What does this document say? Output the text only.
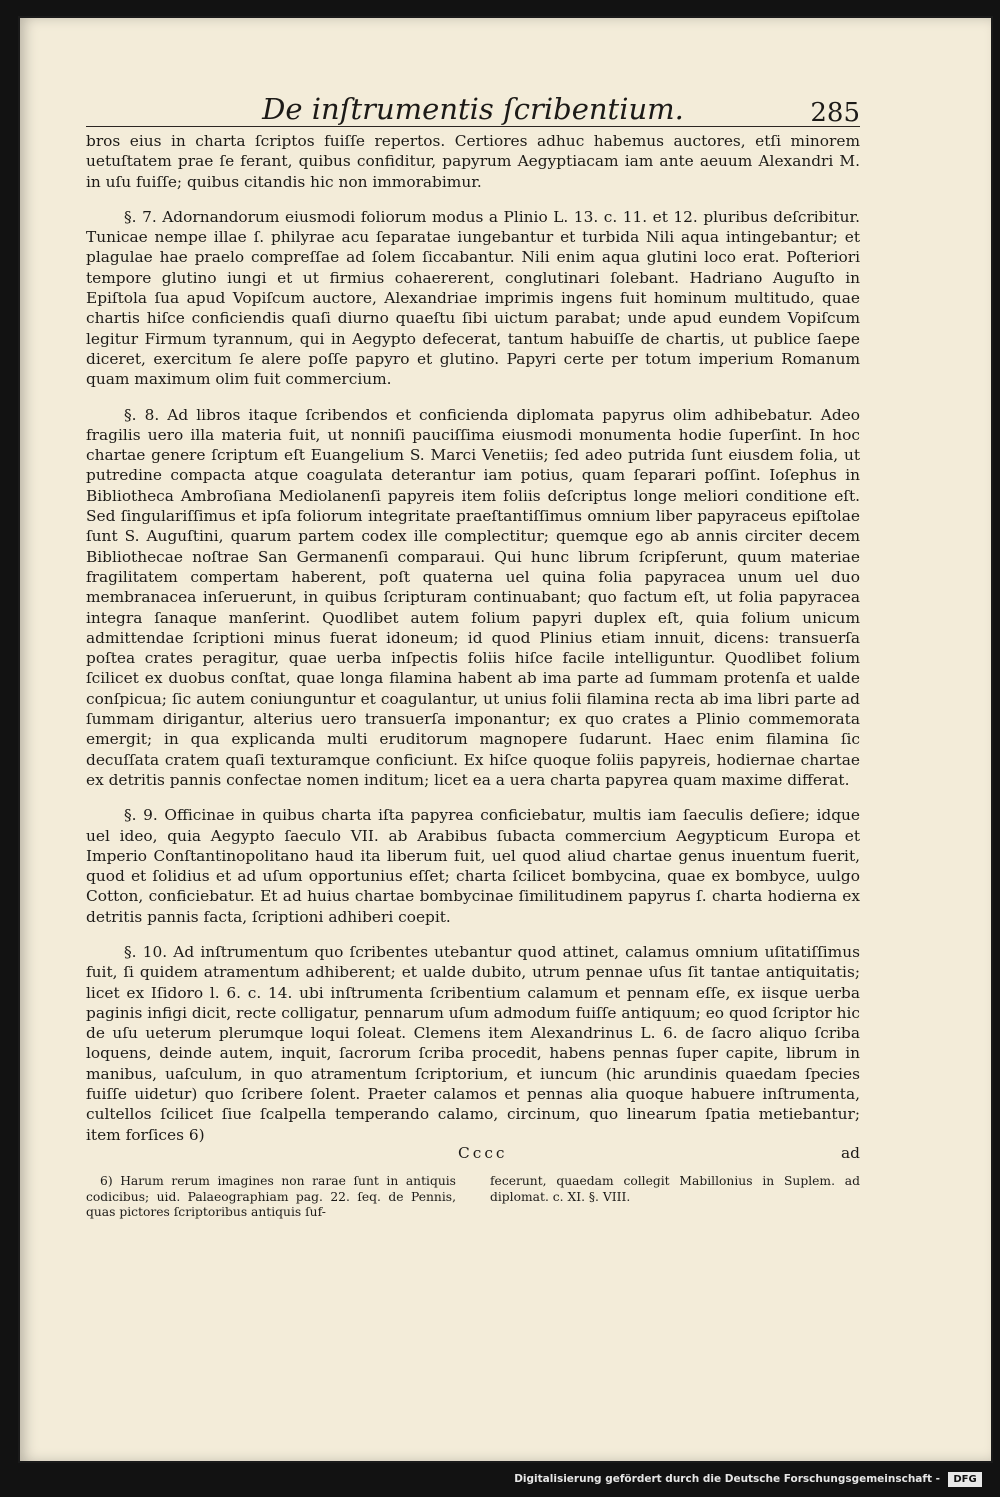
De inſtrumentis ſcribentium.	285

bros eius in charta ſcriptos fuiſſe repertos. Certiores adhuc habemus auctores, etſi minorem uetuſtatem prae ſe ferant, quibus confiditur, papyrum Aegyptiacam iam ante aeuum Alexandri M. in uſu fuiſſe; quibus citandis hic non immorabimur.

§. 7. Adornandorum eiusmodi foliorum modus a Plinio L. 13. c. 11. et 12. pluribus deſcribitur. Tunicae nempe illae ſ. philyrae acu ſeparatae iungebantur et turbida Nili aqua intingebantur; et plagulae hae praelo compreſſae ad ſolem ſiccabantur. Nili enim aqua glutini loco erat. Poſteriori tempore glutino iungi et ut firmius cohaererent, conglutinari ſolebant. Hadriano Auguſto in Epiſtola ſua apud Vopiſcum auctore, Alexandriae imprimis ingens fuit hominum multitudo, quae chartis hiſce conficiendis quaſi diurno quaeſtu ſibi uictum parabat; unde apud eundem Vopiſcum legitur Firmum tyrannum, qui in Aegypto defecerat, tantum habuiſſe de chartis, ut publice ſaepe diceret, exercitum ſe alere poſſe papyro et glutino. Papyri certe per totum imperium Romanum quam maximum olim fuit commercium.

§. 8. Ad libros itaque ſcribendos et conficienda diplomata papyrus olim adhibebatur. Adeo fragilis uero illa materia fuit, ut nonniſi pauciſſima eiusmodi monumenta hodie ſuperſint. In hoc chartae genere ſcriptum eſt Euangelium S. Marci Venetiis; ſed adeo putrida ſunt eiusdem folia, ut putredine compacta atque coagulata deterantur iam potius, quam ſeparari poſſint. Ioſephus in Bibliotheca Ambroſiana Mediolanenſi papyreis item foliis deſcriptus longe meliori conditione eſt. Sed ſingulariſſimus et ipſa foliorum integritate praeſtantiſſimus omnium liber papyraceus epiſtolae ſunt S. Auguſtini, quarum partem codex ille complectitur; quemque ego ab annis circiter decem Bibliothecae noſtrae San Germanenſi comparaui. Qui hunc librum ſcripſerunt, quum materiae fragilitatem compertam haberent, poſt quaterna uel quina folia papyracea unum uel duo membranacea inſeruerunt, in quibus ſcripturam continuabant; quo factum eſt, ut folia papyracea integra ſanaque manſerint. Quodlibet autem folium papyri duplex eſt, quia folium unicum admittendae ſcriptioni minus fuerat idoneum; id quod Plinius etiam innuit, dicens: transuerſa poſtea crates peragitur, quae uerba inſpectis foliis hiſce facile intelliguntur. Quodlibet folium ſcilicet ex duobus conſtat, quae longa filamina habent ab ima parte ad ſummam protenſa et ualde conſpicua; ſic autem coniunguntur et coagulantur, ut unius folii filamina recta ab ima libri parte ad ſummam dirigantur, alterius uero transuerſa imponantur; ex quo crates a Plinio commemorata emergit; in qua explicanda multi eruditorum magnopere ſudarunt. Haec enim filamina ſic decuſſata cratem quaſi texturamque conficiunt. Ex hiſce quoque foliis papyreis, hodiernae chartae ex detritis pannis confectae nomen inditum; licet ea a uera charta papyrea quam maxime differat.

§. 9. Officinae in quibus charta iſta papyrea conficiebatur, multis iam ſaeculis deſiere; idque uel ideo, quia Aegypto ſaeculo VII. ab Arabibus ſubacta commercium Aegypticum Europa et Imperio Conſtantinopolitano haud ita liberum fuit, uel quod aliud chartae genus inuentum fuerit, quod et ſolidius et ad uſum opportunius eſſet; charta ſcilicet bombycina, quae ex bombyce, uulgo Cotton, conficiebatur. Et ad huius chartae bombycinae ſimilitudinem papyrus ſ. charta hodierna ex detritis pannis facta, ſcriptioni adhiberi coepit.

§. 10. Ad inſtrumentum quo ſcribentes utebantur quod attinet, calamus omnium uſitatiſſimus fuit, ſi quidem atramentum adhiberent; et ualde dubito, utrum pennae uſus ſit tantae antiquitatis; licet ex Iſidoro l. 6. c. 14. ubi inſtrumenta ſcribentium calamum et pennam eſſe, ex iisque uerba paginis infigi dicit, recte colligatur, pennarum uſum admodum fuiſſe antiquum; eo quod ſcriptor hic de uſu ueterum plerumque loqui ſoleat. Clemens item Alexandrinus L. 6. de ſacro aliquo ſcriba loquens, deinde autem, inquit, ſacrorum ſcriba procedit, habens pennas ſuper capite, librum in manibus, uaſculum, in quo atramentum ſcriptorium, et iuncum (hic arundinis quaedam ſpecies fuiſſe uidetur) quo ſcribere ſolent. Praeter calamos et pennas alia quoque habuere inſtrumenta, cultellos ſcilicet ſiue ſcalpella temperando calamo, circinum, quo linearum ſpatia metiebantur; item forſices 6)

Cccc	ad
6) Harum rerum imagines non rarae ſunt in antiquis codicibus; uid. Palaeographiam pag. 22. ſeq. de Pennis, quas pictores ſcriptoribus antiquis ſuf-
fecerunt, quaedam collegit Mabillonius in Suplem. ad diplomat. c. XI. §. VIII.
Digitalisierung gefördert durch die Deutsche Forschungsgemeinschaft -	DFG
